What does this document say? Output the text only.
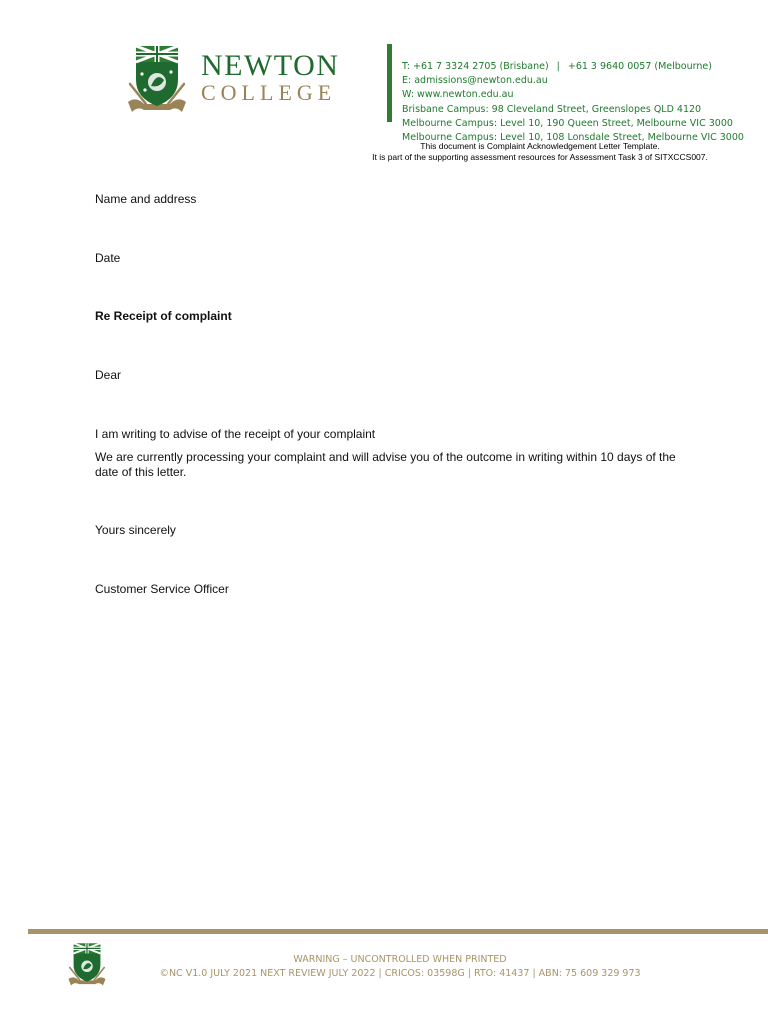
NEWTON
COLLEGE
T: +61 7 3324 2705 (Brisbane) | +61 3 9640 0057 (Melbourne)
E: admissions@newton.edu.au
W: www.newton.edu.au
Brisbane Campus: 98 Cleveland Street, Greenslopes QLD 4120
Melbourne Campus: Level 10, 190 Queen Street, Melbourne VIC 3000
Melbourne Campus: Level 10, 108 Lonsdale Street, Melbourne VIC 3000
This document is Complaint Acknowledgement Letter Template.
It is part of the supporting assessment resources for Assessment Task 3 of SITXCCS007.
Name and address
Date
Re Receipt of complaint
Dear
I am writing to advise of the receipt of your complaint
We are currently processing your complaint and will advise you of the outcome in writing within 10 days of the date of this letter.
Yours sincerely
Customer Service Officer
WARNING – UNCONTROLLED WHEN PRINTED
©NC V1.0 JULY 2021 NEXT REVIEW JULY 2022 | CRICOS: 03598G | RTO: 41437 | ABN: 75 609 329 973
